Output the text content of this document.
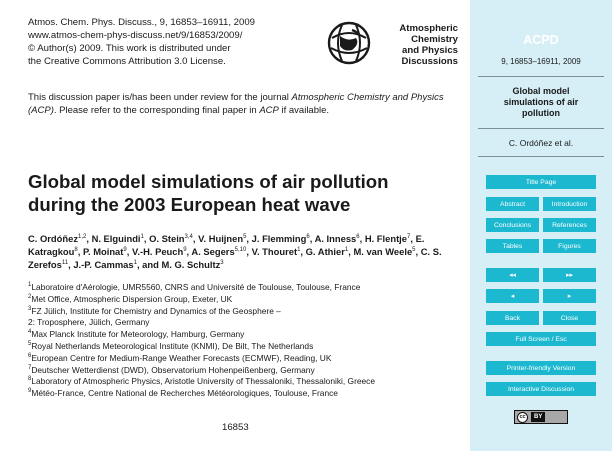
Atmos. Chem. Phys. Discuss., 9, 16853–16911, 2009
www.atmos-chem-phys-discuss.net/9/16853/2009/
© Author(s) 2009. This work is distributed under
the Creative Commons Attribution 3.0 License.
Atmospheric
Chemistry
and Physics
Discussions
This discussion paper is/has been under review for the journal Atmospheric Chemistry and Physics (ACP). Please refer to the corresponding final paper in ACP if available.
Global model simulations of air pollution
during the 2003 European heat wave
C. Ordóñez$^{1,2}$, N. Elguindi$^1$, O. Stein$^{3,4}$, V. Huijnen$^5$, J. Flemming$^6$, A. Inness$^6$, H. Flentje$^7$, E. Katragkou$^8$, P. Moinat$^9$, V.-H. Peuch$^9$, A. Segers$^{5,10}$, V. Thouret$^1$, G. Athier$^1$, M. van Weele$^5$, C. S. Zerefos$^{11}$, J.-P. Cammas$^1$, and M. G. Schultz$^3$
$^1$Laboratoire d'Aérologie, UMR5560, CNRS and Université de Toulouse, Toulouse, France
$^2$Met Office, Atmospheric Dispersion Group, Exeter, UK
$^3$FZ Jülich, Institute for Chemistry and Dynamics of the Geosphere –
2: Troposphere, Jülich, Germany
$^4$Max Planck Institute for Meteorology, Hamburg, Germany
$^5$Royal Netherlands Meteorological Institute (KNMI), De Bilt, The Netherlands
$^6$European Centre for Medium-Range Weather Forecasts (ECMWF), Reading, UK
$^7$Deutscher Wetterdienst (DWD), Observatorium Hohenpeißenberg, Germany
$^8$Laboratory of Atmospheric Physics, Aristotle University of Thessaloniki, Thessaloniki, Greece
$^9$Météo-France, Centre National de Recherches Météorologiques, Toulouse, France
16853
ACPD
9, 16853–16911, 2009
Global model
simulations of air
pollution
C. Ordóñez et al.
Title Page
Abstract	Introduction
Conclusions	References
Tables	Figures
◂◂	▸▸
◂	▸
Back	Close
Full Screen / Esc
Printer-friendly Version
Interactive Discussion
cc	BY
